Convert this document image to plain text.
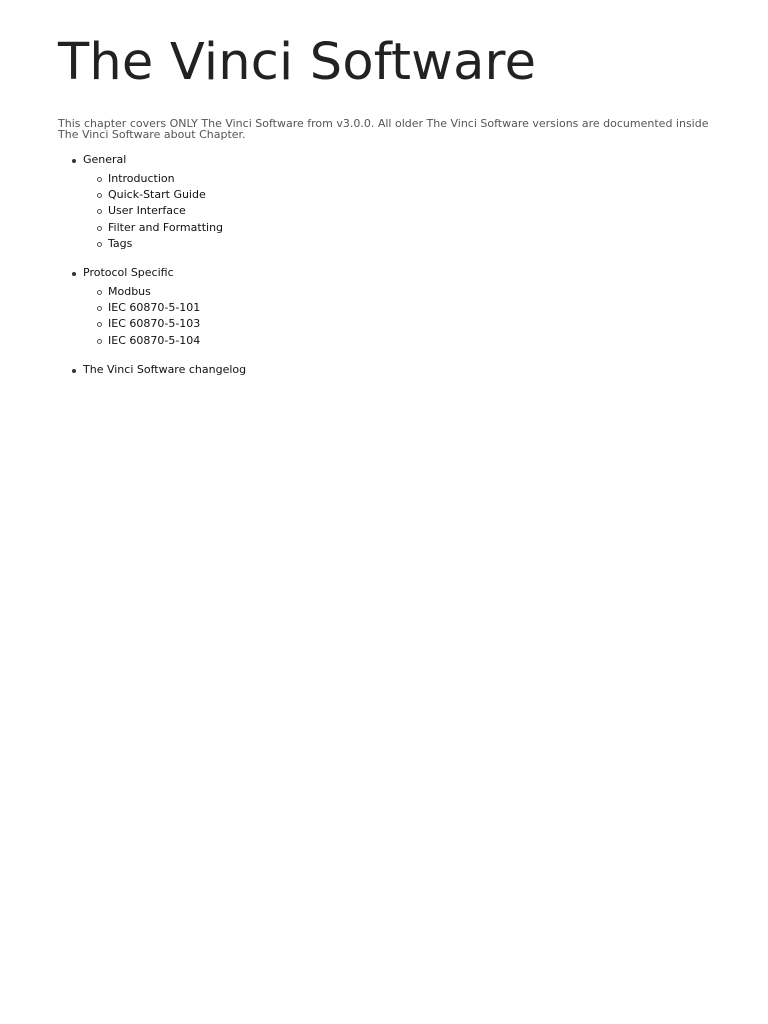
The Vinci Software

This chapter covers ONLY The Vinci Software from v3.0.0. All older The Vinci Software versions are documented inside The Vinci Software about Chapter.

General
Introduction
Quick-Start Guide
User Interface
Filter and Formatting
Tags
Protocol Specific
Modbus
IEC 60870-5-101
IEC 60870-5-103
IEC 60870-5-104
The Vinci Software changelog
